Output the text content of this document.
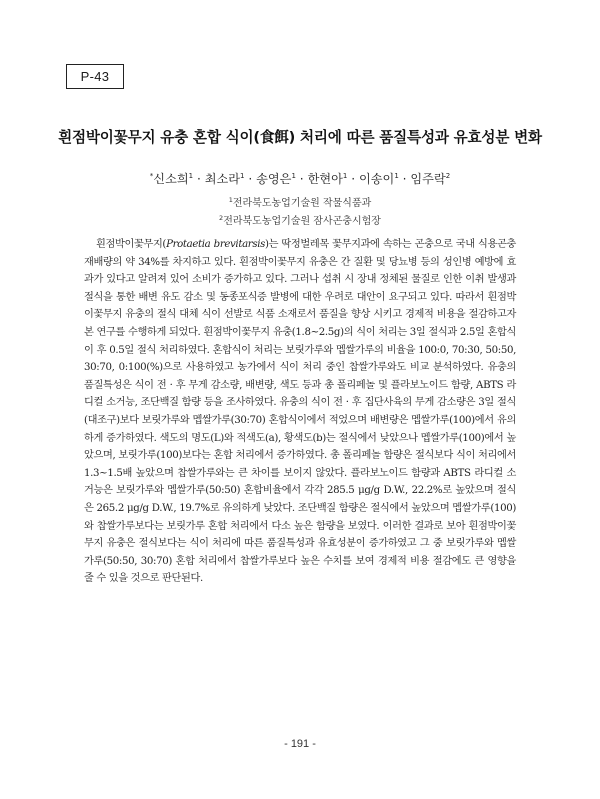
P-43
흰점박이꽃무지 유충 혼합 식이(食餌) 처리에 따른 품질특성과 유효성분 변화
*신소희$^1$ · 최소라$^1$ · 송영은$^1$ · 한현아$^1$ · 이송이$^1$ · 임주락$^2$
$^1$전라북도농업기술원 작물식품과
$^2$전라북도농업기술원 잠사곤충시험장

흰점박이꽃무지(Protaetia brevitarsis)는 딱정벌레목 꽃무지과에 속하는 곤충으로 국내 식용곤충 재배량의 약 34%를 차지하고 있다. 흰점박이꽃무지 유충은 간 질환 및 당뇨병 등의 성인병 예방에 효과가 있다고 알려져 있어 소비가 증가하고 있다. 그러나 섭취 시 장내 정체된 물질로 인한 이취 발생과 절식을 통한 배변 유도 감소 및 동종포식증 발병에 대한 우려로 대안이 요구되고 있다. 따라서 흰점박이꽃무지 유충의 절식 대체 식이 선발로 식품 소재로서 품질을 향상 시키고 경제적 비용을 절감하고자 본 연구를 수행하게 되었다. 흰점박이꽃무지 유충(1.8~2.5g)의 식이 처리는 3일 절식과 2.5일 혼합식이 후 0.5일 절식 처리하였다. 혼합식이 처리는 보릿가루와 멥쌀가루의 비율을 100:0, 70:30, 50:50, 30:70, 0:100(%)으로 사용하였고 농가에서 식이 처리 중인 찹쌀가루와도 비교 분석하였다. 유충의 품질특성은 식이 전 · 후 무게 감소량, 배변량, 색도 등과 총 폴리페놀 및 플라보노이드 함량, ABTS 라디컬 소거능, 조단백질 함량 등을 조사하였다. 유충의 식이 전 · 후 집단사육의 무게 감소량은 3일 절식(대조구)보다 보릿가루와 멥쌀가루(30:70) 혼합식이에서 적었으며 배변량은 멥쌀가루(100)에서 유의하게 증가하였다. 색도의 명도(L)와 적색도(a), 황색도(b)는 절식에서 낮았으나 멥쌀가루(100)에서 높았으며, 보릿가루(100)보다는 혼합 처리에서 증가하였다. 총 폴리페놀 함량은 절식보다 식이 처리에서 1.3~1.5배 높았으며 찹쌀가루와는 큰 차이를 보이지 않았다. 플라보노이드 함량과 ABTS 라디컬 소거능은 보릿가루와 멥쌀가루(50:50) 혼합비율에서 각각 285.5 μg/g D.W., 22.2%로 높았으며 절식은 265.2 μg/g D.W., 19.7%로 유의하게 낮았다. 조단백질 함량은 절식에서 높았으며 멥쌀가루(100)와 찹쌀가루보다는 보릿가루 혼합 처리에서 다소 높은 함량을 보였다. 이러한 결과로 보아 흰점박이꽃무지 유충은 절식보다는 식이 처리에 따른 품질특성과 유효성분이 증가하였고 그 중 보릿가루와 멥쌀가루(50:50, 30:70) 혼합 처리에서 찹쌀가루보다 높은 수치를 보여 경제적 비용 절감에도 큰 영향을 줄 수 있을 것으로 판단된다.

- 191 -
